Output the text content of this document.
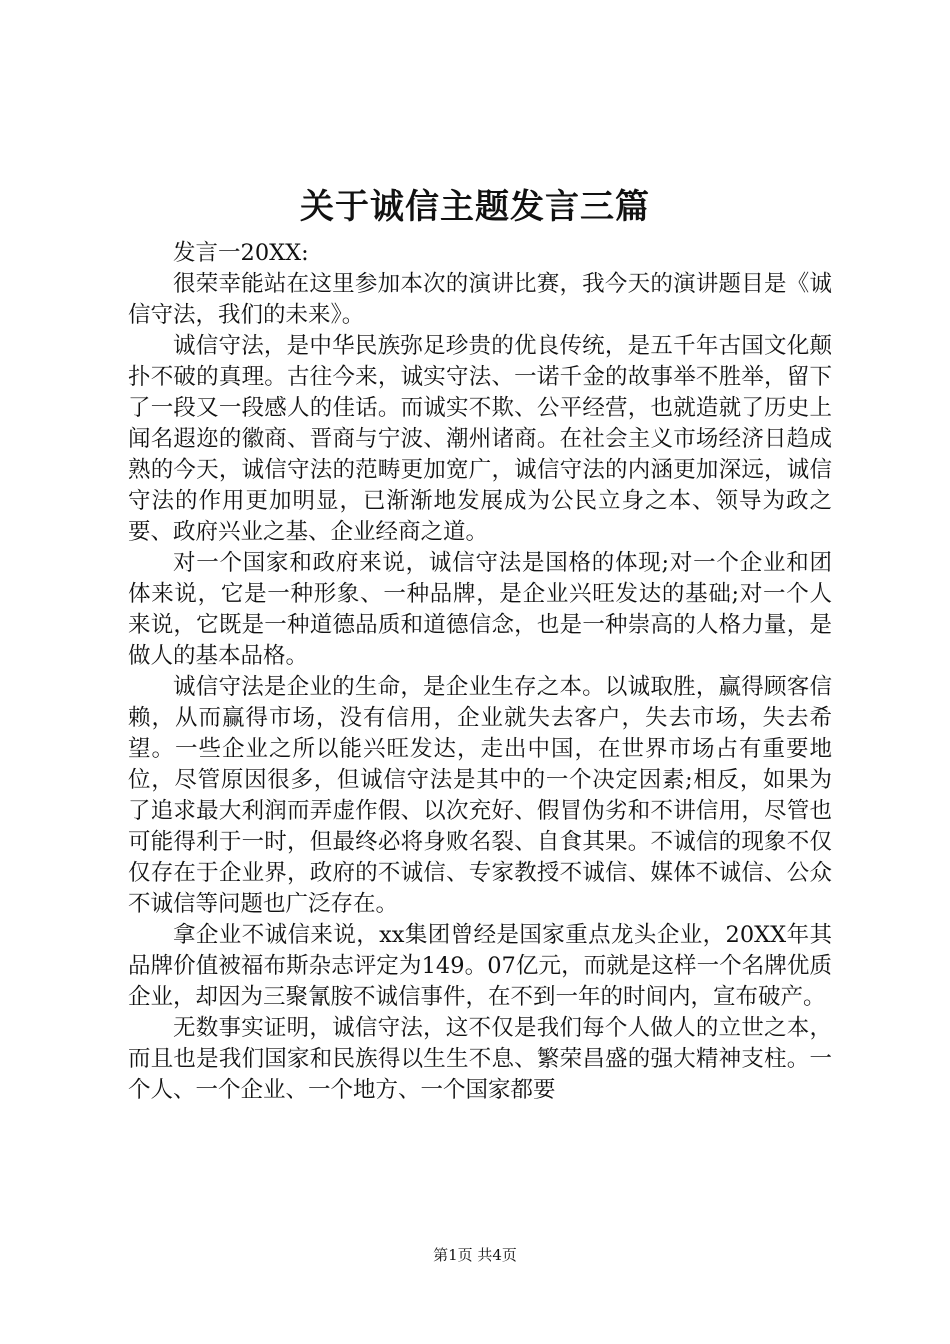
关于诚信主题发言三篇

发言一20XX:

很荣幸能站在这里参加本次的演讲比赛，我今天的演讲题目是《诚信守法，我们的未来》。

诚信守法，是中华民族弥足珍贵的优良传统，是五千年古国文化颠扑不破的真理。古往今来，诚实守法、一诺千金的故事举不胜举，留下了一段又一段感人的佳话。而诚实不欺、公平经营，也就造就了历史上闻名遐迩的徽商、晋商与宁波、潮州诸商。在社会主义市场经济日趋成熟的今天，诚信守法的范畴更加宽广，诚信守法的内涵更加深远，诚信守法的作用更加明显，已渐渐地发展成为公民立身之本、领导为政之要、政府兴业之基、企业经商之道。

对一个国家和政府来说，诚信守法是国格的体现;对一个企业和团体来说，它是一种形象、一种品牌，是企业兴旺发达的基础;对一个人来说，它既是一种道德品质和道德信念，也是一种崇高的人格力量，是做人的基本品格。

诚信守法是企业的生命，是企业生存之本。以诚取胜，赢得顾客信赖，从而赢得市场，没有信用，企业就失去客户，失去市场，失去希望。一些企业之所以能兴旺发达，走出中国，在世界市场占有重要地位，尽管原因很多，但诚信守法是其中的一个决定因素;相反，如果为了追求最大利润而弄虚作假、以次充好、假冒伪劣和不讲信用，尽管也可能得利于一时，但最终必将身败名裂、自食其果。不诚信的现象不仅仅存在于企业界，政府的不诚信、专家教授不诚信、媒体不诚信、公众不诚信等问题也广泛存在。

拿企业不诚信来说，xx集团曾经是国家重点龙头企业，20XX年其品牌价值被福布斯杂志评定为149。07亿元，而就是这样一个名牌优质企业，却因为三聚氰胺不诚信事件，在不到一年的时间内，宣布破产。

无数事实证明，诚信守法，这不仅是我们每个人做人的立世之本，而且也是我们国家和民族得以生生不息、繁荣昌盛的强大精神支柱。一个人、一个企业、一个地方、一个国家都要

第1页 共4页
